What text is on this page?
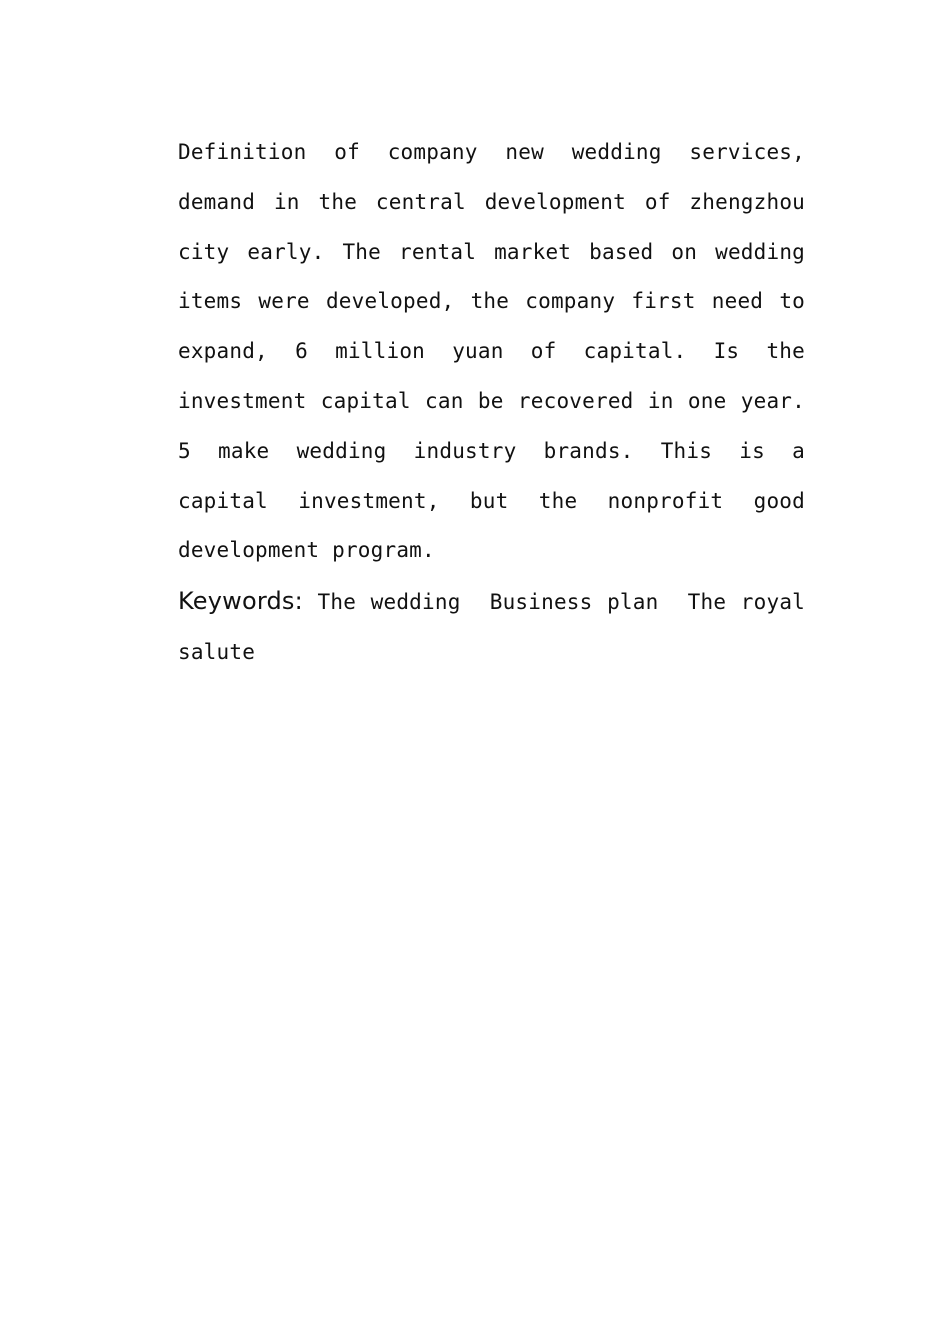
Definition of company new wedding services, demand in the central development of zhengzhou city early. The rental market based on wedding items were developed, the company first need to expand, 6 million yuan of capital. Is the investment capital can be recovered in one year. 5 make wedding industry brands. This is a capital investment, but the nonprofit good development program.

Keywords: The wedding Business plan The royal salute
